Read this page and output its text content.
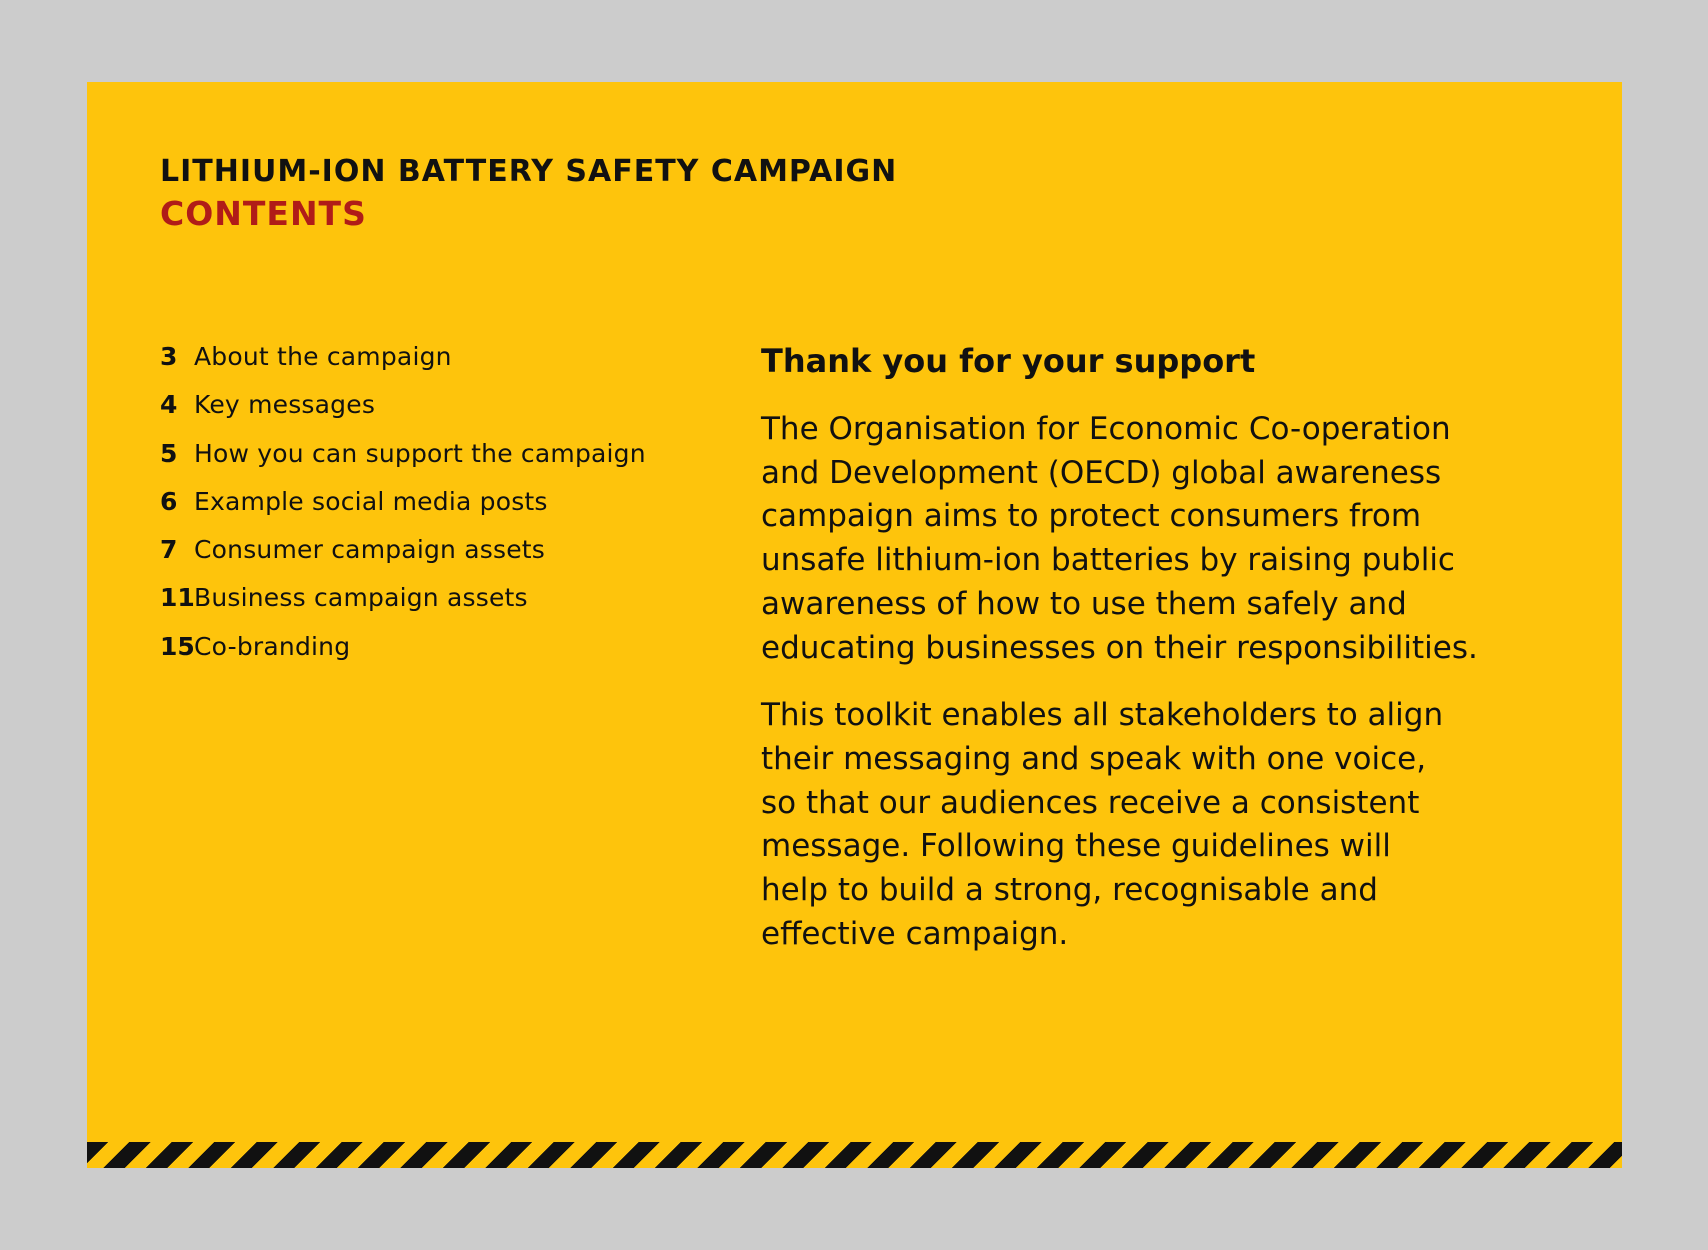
LITHIUM-ION BATTERY SAFETY CAMPAIGN
CONTENTS
3 About the campaign
4 Key messages
5 How you can support the campaign
6 Example social media posts
7 Consumer campaign assets
11 Business campaign assets
15 Co-branding
Thank you for your support

The Organisation for Economic Co-operation
and Development (OECD) global awareness
campaign aims to protect consumers from
unsafe lithium-ion batteries by raising public
awareness of how to use them safely and
educating businesses on their responsibilities.

This toolkit enables all stakeholders to align
their messaging and speak with one voice,
so that our audiences receive a consistent
message. Following these guidelines will
help to build a strong, recognisable and
effective campaign.
